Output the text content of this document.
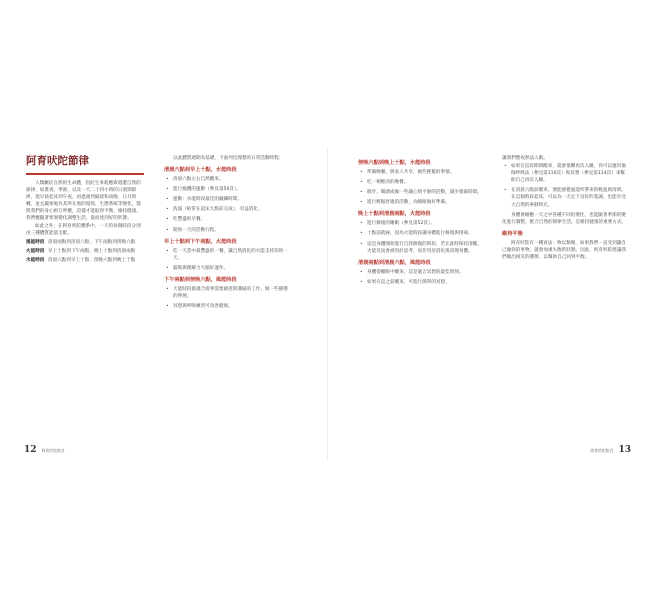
阿育吠陀節律

人類屬於自然的生命體，因此生來就應與週遭自然的節律，如晝夜、季節，以及一天二十四小時的日週期節律，從早晨起床到午夜，再過渡到隔晨和夜晚，日月時轉，並且嚴密地為其所在地的環境、生態系統等變化，都與我們的身心相互呼應，這樣才能取得平衡、維持健康。我們應隨著寒暑變化調整生活，從而達到好的狀態。

如此之外，在阿育吠陀體系中，一天的每個時段分別由三種體質能量支配。

風能時段 清晨兩點到清晨六點，下午兩點到傍晚六點
火能時段 早上十點到下午兩點，晚上十點到清晨兩點
水能時段 清晨六點到早上十點，傍晚六點到晚上十點

以此體質週期為基礎，下面列出理想的日常活動時程：

清晨六點到早上十點，水能時段
• 清晨六點左右自然醒來。
• 進行瘦體的運動（參見第56頁）。
• 運動：水能時段最佳的鍛鍊時間。
• 洗澡（較常在起床九點前完成），有益消化。
• 吃豐盛的早餐。
• 開始一天的活動行程。
早上十點到下午兩點，火能時段
• 吃一天當中最豐盛的一餐，讓自然消化的火能支持你的一天。
• 腦筋與理解力大腦好運作。
下午兩點到傍晚六點，風能時段
• 大能時段最適合從事需要創意與溝通的工作，做一些靜態的伸展。
• 冥想與呼吸練習可改善健康。
12 阿育吠陀飲食
傍晚六點到晚上十點，水能時段
• 準備晚餐、與家人共享，做些輕鬆的事情。
• 吃一頓輕淡的晚餐。
• 散步、閱讀或做一些讓心情平靜的活動，減少螢幕時間。
• 進行輕鬆舒適的活動，為睡眠做好準備。
晚上十點到清晨兩點，火能時段
• 進行修復的睡眠（參見第52頁）。
• 十點前就寢，因為火能時段讓身體進行修復與排毒。
• 這是身體開始進行自我修復的時段，若在此時保持清醒，火能反而會被用於思考，而非用於消化與清理身體。
清晨兩點到清晨六點，風能時段
• 身體從睡眠中醒來，這是適合冥想的最佳時刻。
• 如果在這之前醒來，可進行簡單的冥想。

讓我們整夜無法入眠。

• 如果在這段期間醒來，就會很難再次入睡，你可以運用瑜伽呼吸法（參見第110頁）和冥想（參見第114頁）來幫助自己再次入睡。
• 在清晨六點前醒來，便能感覺風能所帶來的輕盈與清明。在這個時段起床，可以為一天定下良好的基調，也能享受大自然的寧靜時光。

身體會順應一天之中各種不同的變化，也能隨著季節的變化進行調整。配合自然的節律生活，是維持健康的重要方式。

維持平衡

阿育吠陀有一種看法：物以類聚，如果我們一直受到讓自己傾斜的事物，就會加重失衡的狀態。因此，阿育吠陀建議我們做出相反的選擇，以幫助自己回到平衡。

阿育吠陀飲食 13
